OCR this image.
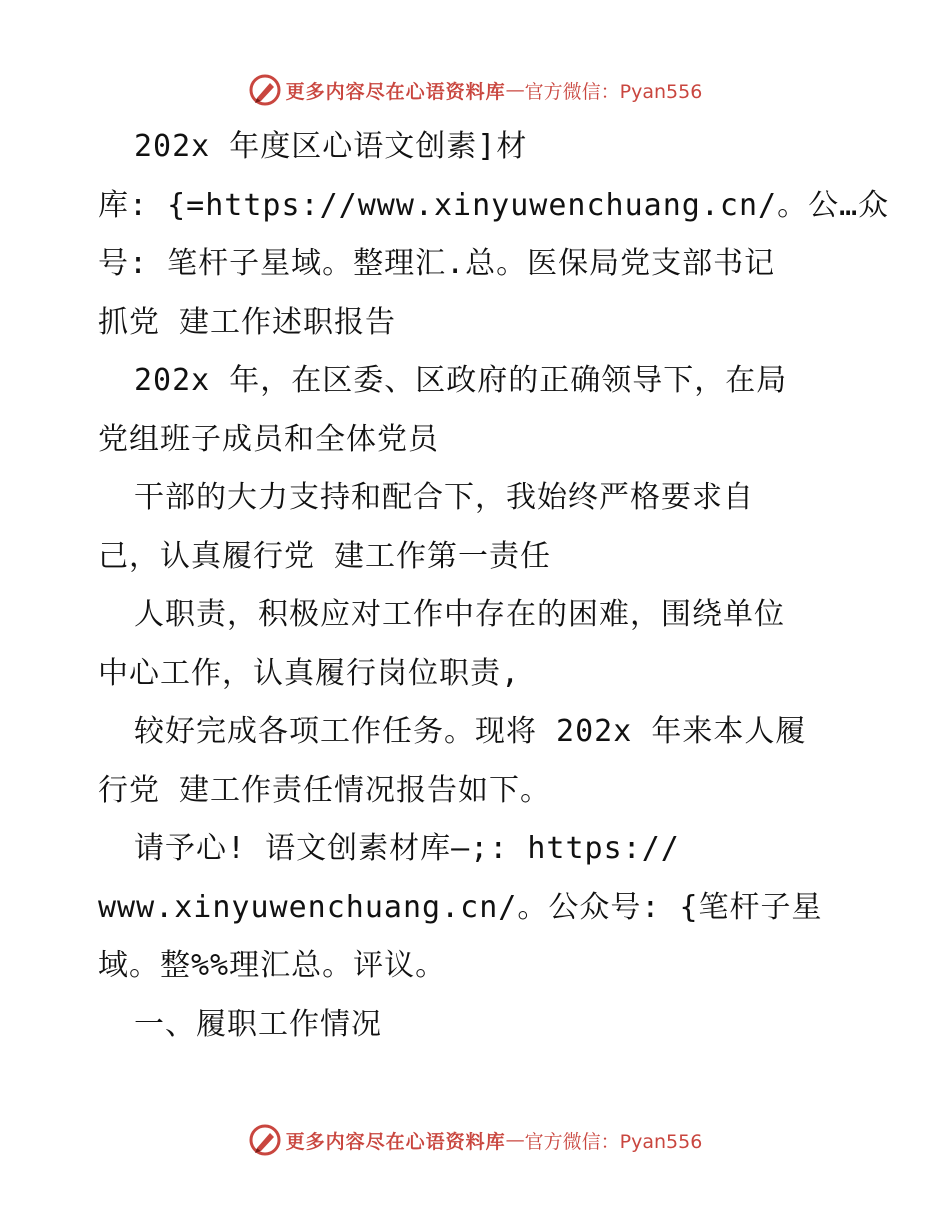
更多内容尽在心语资料库 — 官方微信：Pyan556
202x 年度区心语文创素]材
库: {=https://www.xinyuwenchuang.cn/。公…众
号: 笔杆子星域。整理汇.总。医保局党支部书记
抓党 建工作述职报告
202x 年，在区委、区政府的正确领导下，在局
党组班子成员和全体党员
干部的大力支持和配合下，我始终严格要求自
己，认真履行党 建工作第一责任
人职责，积极应对工作中存在的困难，围绕单位
中心工作，认真履行岗位职责,
较好完成各项工作任务。现将 202x 年来本人履
行党 建工作责任情况报告如下。
请予心! 语文创素材库—;: https://
www.xinyuwenchuang.cn/。公众号: {笔杆子星
域。整%%理汇总。评议。
一、履职工作情况
更多内容尽在心语资料库 — 官方微信：Pyan556
